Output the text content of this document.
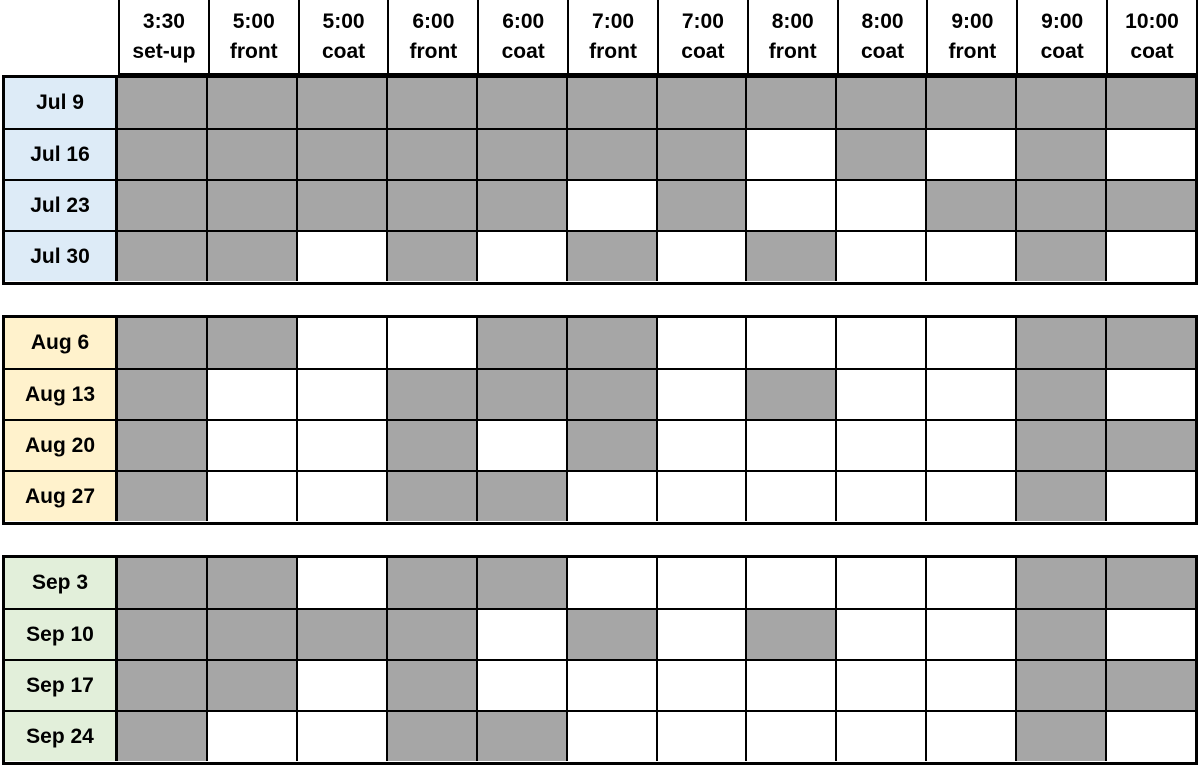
3:30
set-up
5:00
front
5:00
coat
6:00
front
6:00
coat
7:00
front
7:00
coat
8:00
front
8:00
coat
9:00
front
9:00
coat
10:00
coat
Jul 9
Jul 16
Jul 23
Jul 30
Aug 6
Aug 13
Aug 20
Aug 27
Sep 3
Sep 10
Sep 17
Sep 24
